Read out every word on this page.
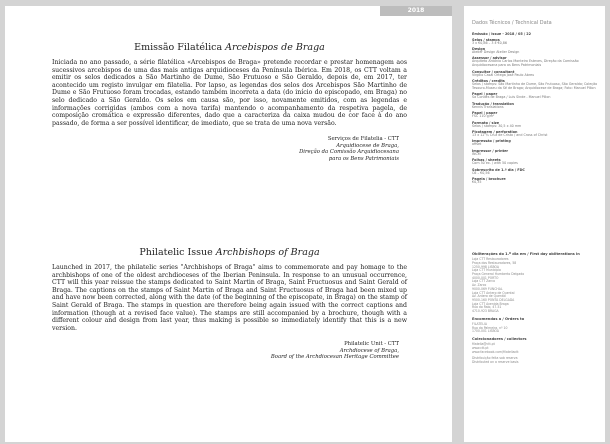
2018
Emissão Filatélica Arcebispos de Braga

Iniciada no ano passado, a série filatélica «Arcebispos de Braga» pretende recordar e prestar homenagem aos sucessivos arcebispos de uma das mais antigas arquidioceses da Península Ibérica. Em 2018, os CTT voltam a emitir os selos dedicados a São Martinho de Dume, São Frutuoso e São Geraldo, depois de, em 2017, ter acontecido um registo invulgar em filatelia. Por lapso, as legendas dos selos dos Arcebispos São Martinho de Dume e São Frutuoso foram trocadas, estando também incorreta a data (do início do episcopado, em Braga) no selo dedicado a São Geraldo. Os selos em causa são, por isso, novamente emitidos, com as legendas e informações corrigidas (ambos com a nova tarifa) mantendo o acompanhamento da respetiva pagela, de composição cromática e expressão diferentes, dado que a caracteriza da caixa mudou de cor face à do ano passado, de forma a ser possível identificar, de imediato, que se trata de uma nova versão.

Serviços de Filatelia - CTT
Arquidiocese de Braga,
Direção da Comissão Arquidiocesana
para os Bens Patrimoniais
Philatelic Issue Archbishops of Braga

Launched in 2017, the philatelic series "Archbishops of Braga" aims to commemorate and pay homage to the archbishops of one of the oldest archdioceses of the Iberian Peninsula. In response to an unusual occurrence, CTT will this year reissue the stamps dedicated to Saint Martin of Braga, Saint Fructuosus and Saint Gerald of Braga. The captions on the stamps of Saint Martin of Braga and Saint Fructuosus of Braga had been mixed up and have now been corrected, along with the date (of the beginning of the episcopate, in Braga) on the stamp of Saint Gerald of Braga. The stamps in question are therefore being again issued with the correct captions and information (though at a revised face value). The stamps are still accompanied by a brochure, though with a different colour and design from last year, thus making is possible so immediately identify that this is a new version.

Philatelic Unit - CTT
Archdiocese of Braga,
Board of the Archdiocesan Heritage Committee
Dados Técnicos / Technical Data
Emissão / issue - 2018 / 05 / 22
Selos / stamps
3 x €0,86 – 3 x €0,86
Design
Atelier Design Atelier Design
Assessor / advisor
Arquiteto António Carlos Monteiro Esteves, Direção da Comissão Arquidiocesana para os Bens Patrimoniais
Consultor / consultant
Virgílio Casal Ortega José Paulo Abreu
Créditos / credits
Selos / stamps: São Martinho de Dume, São Frutuoso, São Geraldo; Coleção Tesouro-Museu da Sé de Braga; Arquidiocese de Braga; Foto: Manuel Pillon
Papel / paper
Sa Condes de Braga / Luis Sinde - Manuel Pillon
Tradução / translation
Kennis Translations
Papel / paper
FSC 110 g/m²
Formato / size
Selos / stamps: 30,5 x 40 mm
Picotagem / perforation
13 x 12 ¾ Cruz de Cristo / and Cross of Christ
Impressão / printing
offset
Impressor / printer
INCM
Folhas / sheets
Com 50 ex. / with 50 copies
Sobrescrito de 1.º dia / FDC
C6 – €0,56
Pagela / brochure
€0,35
Obliterações do 1.º dia em / First day obliterations in
Loja CTT Restauradores
Praça dos Restauradores, 58
1250-998 LISBOA
Loja CTT Município
Praça General Humberto Delgado
4000-001 PORTO
Loja CTT Zarco
Av. Zarco
9000-069 FUNCHAL
Loja CTT Antero de Quental
Av. Antero de Quental
9500-160 PONTA DELGADA
Loja CTT Avenida Braga
Rua do Raio, 47-51
4710-923 BRAGA
Encomendas a / Orders to
FILATELIA
Rua da Palmeira, nº 10
1700-001 LISBOA
Colecionadores / collectors
filatelia@ctt.pt
www.ctt.pt
www.facebook.com/filateliactt
Distribuição feita sob reserva
Distributed on a reserve basis
